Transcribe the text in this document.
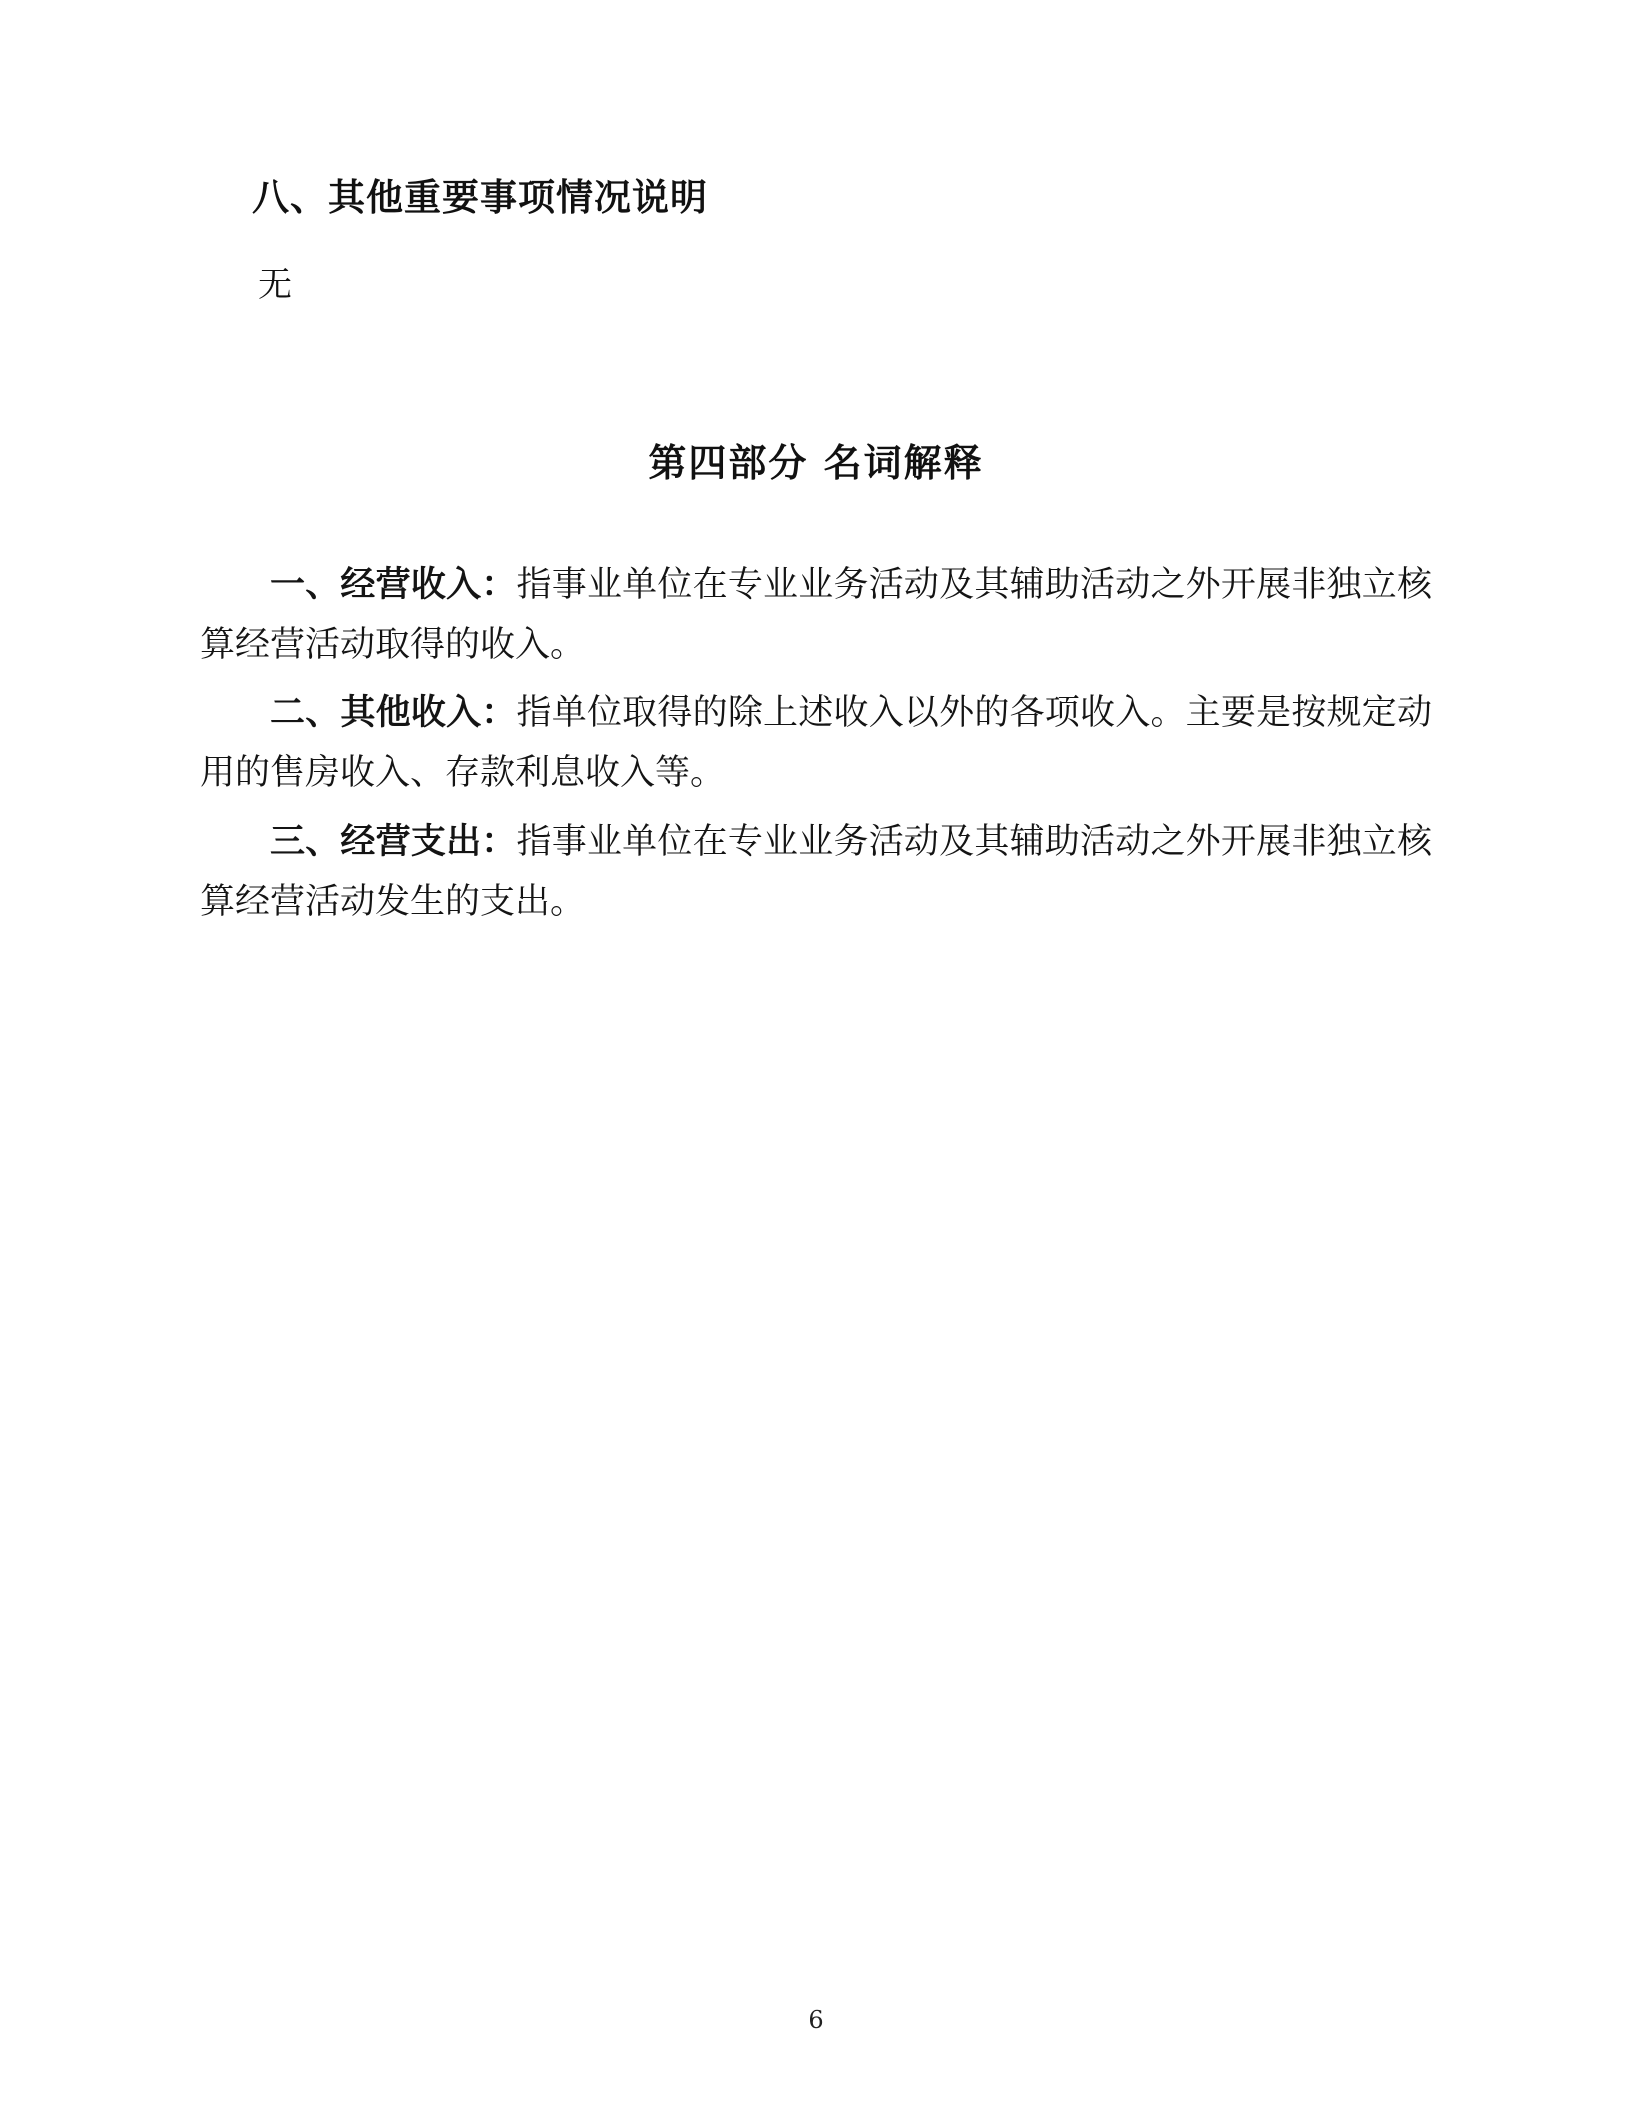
八、其他重要事项情况说明
无
第四部分 名词解释

一、经营收入：指事业单位在专业业务活动及其辅助活动之外开展非独立核算经营活动取得的收入。

二、其他收入：指单位取得的除上述收入以外的各项收入。主要是按规定动用的售房收入、存款利息收入等。

三、经营支出：指事业单位在专业业务活动及其辅助活动之外开展非独立核算经营活动发生的支出。

6
